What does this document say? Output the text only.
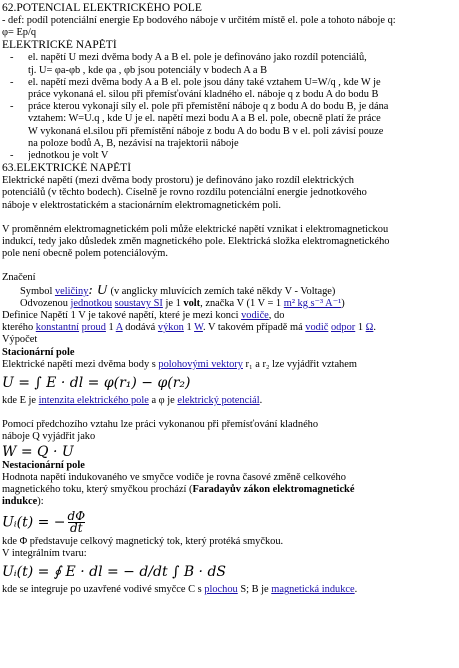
62.POTENCIAL ELEKTRICKÉHO POLE
- def: podíl potenciální energie Ep bodového náboje v určitém místě el. pole a tohoto náboje q:
φ= Ep/q
ELEKTRICKÉ NAPĚTÍ
- el. napětí U mezi dvěma body A a B el. pole je definováno jako rozdíl potenciálů,
tj. U= φa-φb , kde φa , φb jsou potenciály v bodech A a B
- el. napětí mezi dvěma body A a B el. pole jsou dány také vztahem U=W/q , kde W je
práce vykonaná el. silou při přemísťování kladného el. náboje q z bodu A do bodu B
- práce kterou vykonají síly el. pole při přemístění náboje q z bodu A do bodu B, je dána
vztahem: W=U.q , kde U je el. napětí mezi bodu A a B el. pole, obecně platí že práce
W vykonaná el.silou při přemístění náboje z bodu A do bodu B v el. poli závisí pouze
na poloze bodů A, B, nezávisí na trajektorii náboje
- jednotkou je volt V
63.ELEKTRICKÉ NAPĚTÍ
Elektrické napětí (mezi dvěma body prostoru) je definováno jako rozdíl elektrických
potenciálů (v těchto bodech). Číselně je rovno rozdílu potenciální energie jednotkového
náboje v elektrostatickém a stacionárním elektromagnetickém poli.
V proměnném elektromagnetickém poli může elektrické napětí vznikat i elektromagnetickou
indukcí, tedy jako důsledek změn magnetického pole. Elektrická složka elektromagnetického
pole není obecně polem potenciálovým.
Značení
• Symbol veličiny: U (v anglicky mluvících zemích také někdy V - Voltage)
• Odvozenou jednotkou soustavy SI je 1 volt, značka V (1 V = 1 m² kg s⁻³ A⁻¹)
Definice Napětí 1 V je takové napětí, které je mezi konci vodiče, do
kterého konstantní proud 1 A dodává výkon 1 W. V takovém případě má vodič odpor 1 Ω.
Výpočet
Stacionární pole
Elektrické napětí mezi dvěma body s polohovými vektory r₁ a r₂ lze vyjádřit vztahem
U = ∫ E · dl = φ(r₁) − φ(r₂)
kde E je intenzita elektrického pole a φ je elektrický potenciál.
Pomocí předchozího vztahu lze práci vykonanou při přemísťování kladného
náboje Q vyjádřit jako
W = Q · U
Nestacionární pole
Hodnota napětí indukovaného ve smyčce vodiče je rovna časové změně celkového
magnetického toku, který smyčkou prochází (Faradayův zákon elektromagnetické
indukce):
Uᵢ(t) = − $\frac{d\Phi}{dt}$
kde Φ představuje celkový magnetický tok, který protéká smyčkou.
V integrálním tvaru:
Uᵢ(t) = ∮ E · dl = − d/dt ∫ B · dS
kde se integruje po uzavřené vodivé smyčce C s plochou S; B je magnetická indukce.
